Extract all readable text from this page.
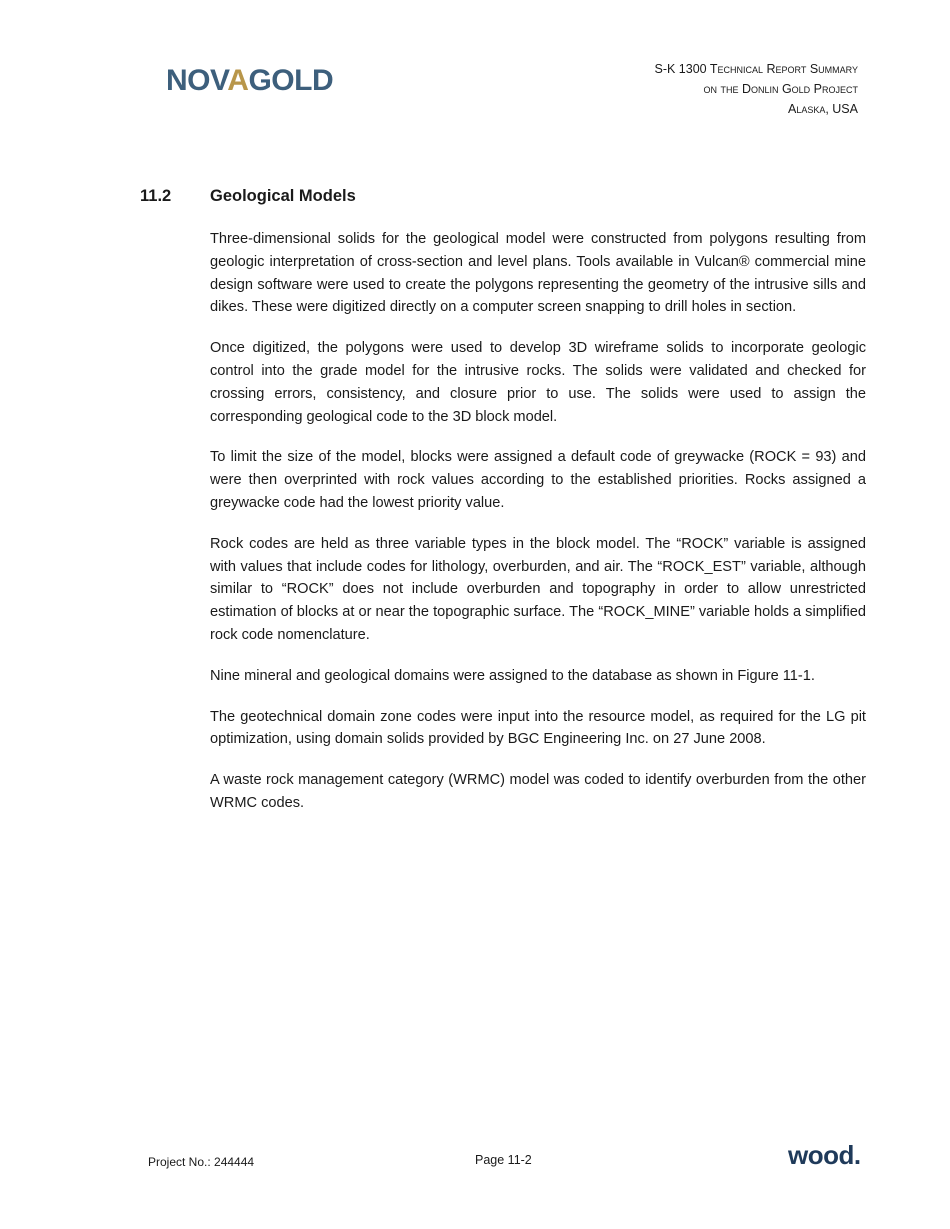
NOVAGOLD	S-K 1300 Technical Report Summary
on the Donlin Gold Project
Alaska, USA
11.2 Geological Models

Three-dimensional solids for the geological model were constructed from polygons resulting from geologic interpretation of cross-section and level plans. Tools available in Vulcan® commercial mine design software were used to create the polygons representing the geometry of the intrusive sills and dikes. These were digitized directly on a computer screen snapping to drill holes in section.

Once digitized, the polygons were used to develop 3D wireframe solids to incorporate geologic control into the grade model for the intrusive rocks. The solids were validated and checked for crossing errors, consistency, and closure prior to use. The solids were used to assign the corresponding geological code to the 3D block model.

To limit the size of the model, blocks were assigned a default code of greywacke (ROCK = 93) and were then overprinted with rock values according to the established priorities. Rocks assigned a greywacke code had the lowest priority value.

Rock codes are held as three variable types in the block model. The “ROCK” variable is assigned with values that include codes for lithology, overburden, and air. The “ROCK_EST” variable, although similar to “ROCK” does not include overburden and topography in order to allow unrestricted estimation of blocks at or near the topographic surface. The “ROCK_MINE” variable holds a simplified rock code nomenclature.

Nine mineral and geological domains were assigned to the database as shown in Figure 11-1.

The geotechnical domain zone codes were input into the resource model, as required for the LG pit optimization, using domain solids provided by BGC Engineering Inc. on 27 June 2008.

A waste rock management category (WRMC) model was coded to identify overburden from the other WRMC codes.

Project No.: 244444	Page 11-2	wood.
